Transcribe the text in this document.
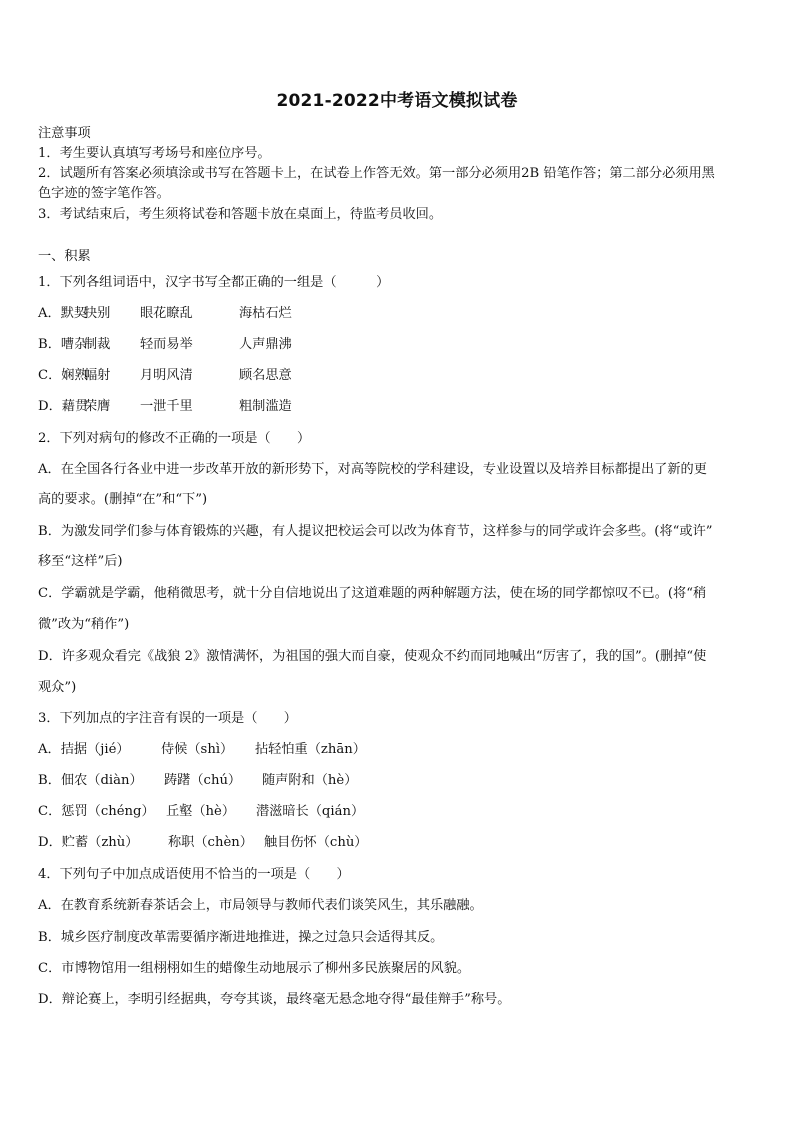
2021-2022中考语文模拟试卷
注意事项
1．考生要认真填写考场号和座位序号。
2．试题所有答案必须填涂或书写在答题卡上，在试卷上作答无效。第一部分必须用2B 铅笔作答；第二部分必须用黑
色字迹的签字笔作答。
3．考试结束后，考生须将试卷和答题卡放在桌面上，待监考员收回。
一、积累
1．下列各组词语中，汉字书写全都正确的一组是（　　　）
A．默契抉别 眼花瞭乱	海枯石烂
B．嘈杂制裁 轻而易举	人声鼎沸
C．娴熟幅射 月明风清	顾名思意
D．藉贯荣膺 一泄千里	粗制滥造
2．下列对病句的修改不正确的一项是（　　）
A．在全国各行各业中进一步改革开放的新形势下，对高等院校的学科建设，专业设置以及培养目标都提出了新的更
高的要求。(删掉“在”和“下”)
B．为激发同学们参与体育锻炼的兴趣，有人提议把校运会可以改为体育节，这样参与的同学或许会多些。(将“或许”
移至“这样”后)
C．学霸就是学霸，他稍微思考，就十分自信地说出了这道难题的两种解题方法，使在场的同学都惊叹不已。(将“稍
微”改为“稍作”)
D．许多观众看完《战狼 2》激情满怀，为祖国的强大而自豪，使观众不约而同地喊出“厉害了，我的国”。(删掉“使
观众”)
3．下列加点的字注音有误的一项是（　　）
A．拮据（jié） 侍候（shì） 拈轻怕重（zhān）
B．佃农（diàn） 踌躇（chú） 随声附和（hè）
C．惩罚（chéng） 丘壑（hè） 潜滋暗长（qián）
D．贮蓄（zhù） 称职（chèn） 触目伤怀（chù）
4．下列句子中加点成语使用不恰当的一项是（　　）
A．在教育系统新春茶话会上，市局领导与教师代表们谈笑风生，其乐融融。
B．城乡医疗制度改革需要循序渐进地推进，操之过急只会适得其反。
C．市博物馆用一组栩栩如生的蜡像生动地展示了柳州多民族聚居的风貌。
D．辩论赛上，李明引经据典，夸夸其谈，最终毫无悬念地夺得“最佳辩手”称号。
